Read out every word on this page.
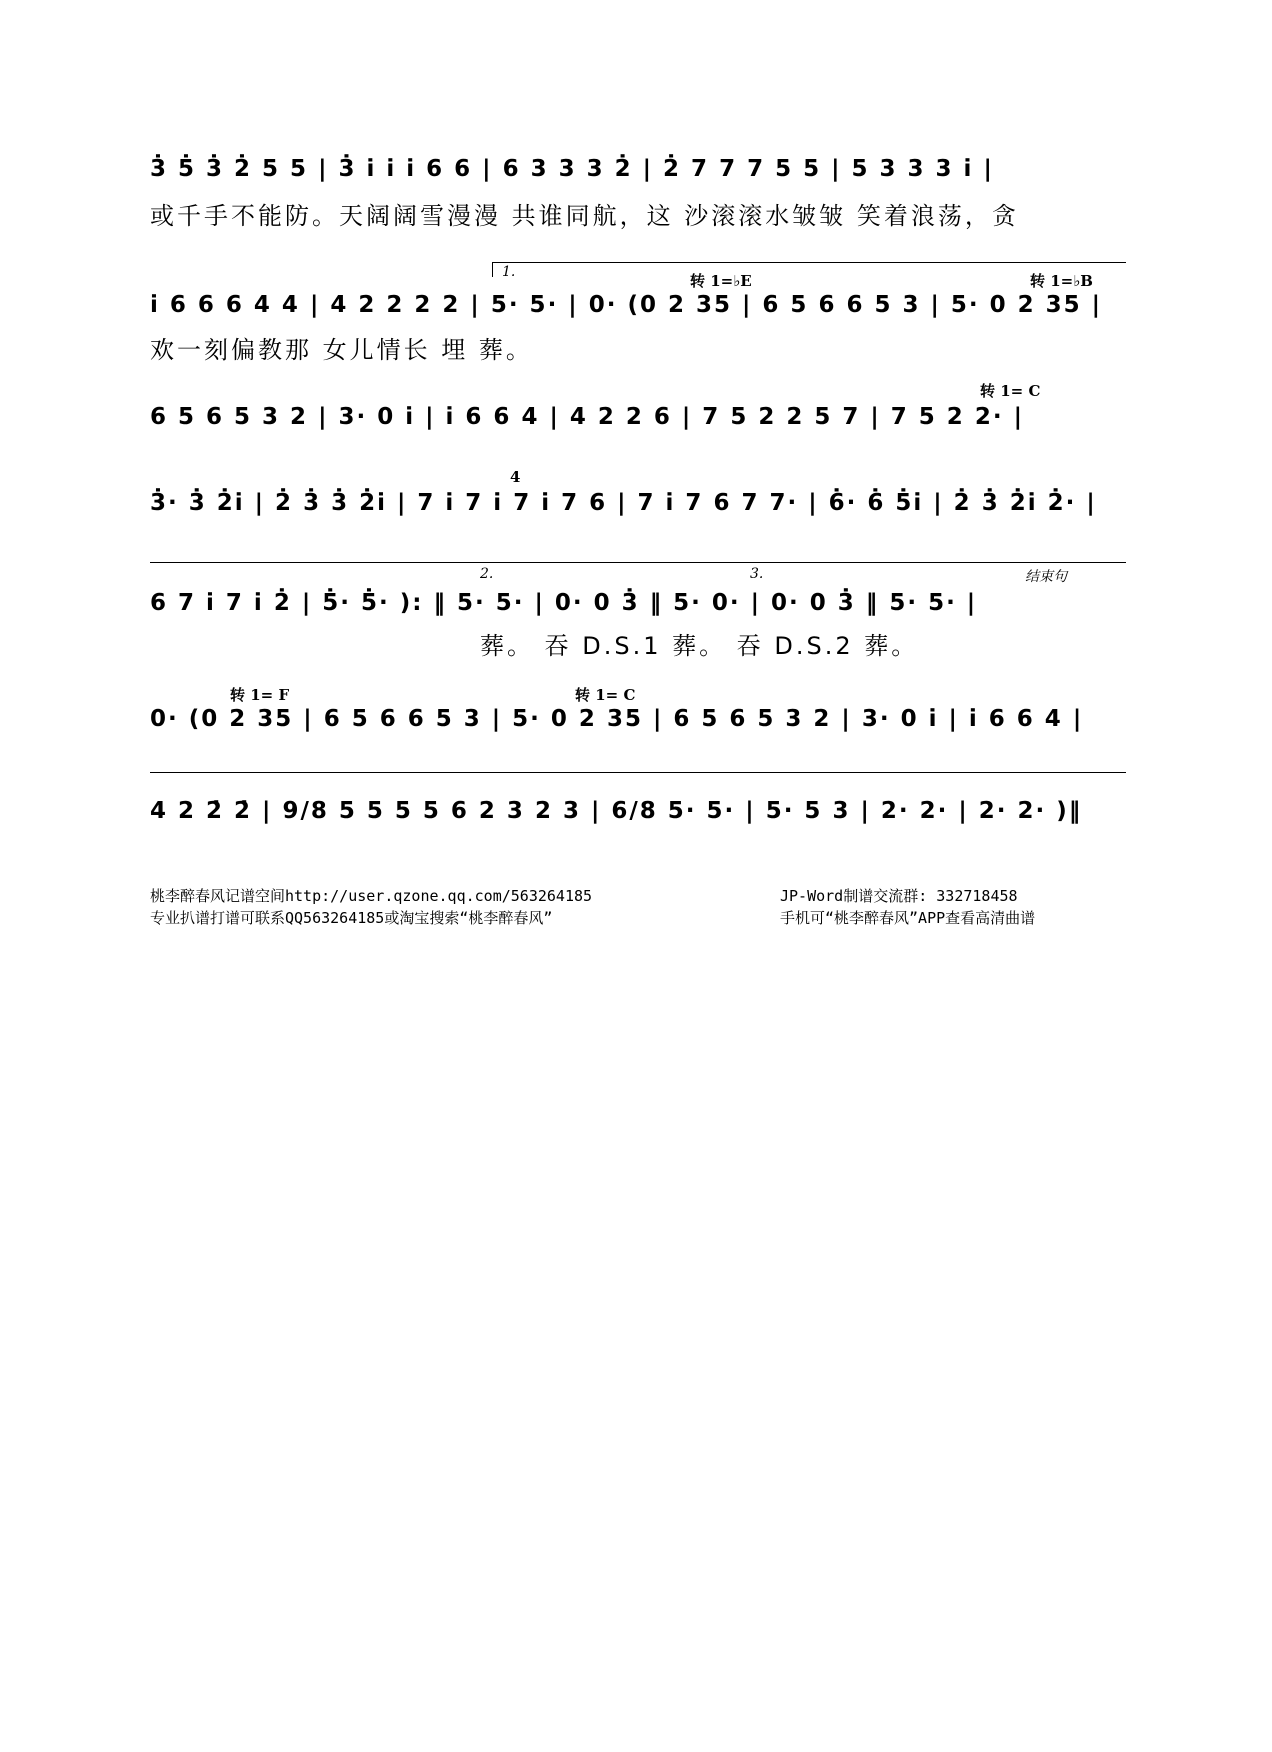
3̇ 5̇ 3̇ 2̇ 5 5 | 3̇ i̇ i̇ i̇ 6 6 | 6 3 3 3 2̇ | 2̇ 7 7 7 5 5 | 5 3 3 3 i̇ |
或千手不能防。天阔阔雪漫漫 共谁同航，这 沙滚滚水皱皱 笑着浪荡，贪
1.	转 1=♭E	转 1=♭B
i̇ 6 6 6 4 4 | 4 2 2 2 2 | 5· 5· | 0· (0 2 35 | 6 5 6 6 5 3 | 5· 0 2 35 |
欢一刻偏教那 女儿情长 埋 葬。
转 1= C
6 5 6 5 3 2 | 3· 0 i̇ | i̇ 6 6 4 | 4 2 2 6 | 7 5 2 2 5 7 | 7 5 2 2· |
4
3̇· 3̇ 2̇i̇ | 2̇ 3̇ 3̇ 2̇i̇ | 7 i̇ 7 i̇ 7 i̇ 7 6 | 7 i̇ 7 6 7 7· | 6̇· 6̇ 5̇i̇ | 2̇ 3̇ 2̇i̇ 2̇· |
2.	3.	结束句
6 7 i̇ 7 i̇ 2̇ | 5̇· 5̇· ): ‖ 5· 5· | 0· 0 3̇ ‖ 5· 0· | 0· 0 3̇ ‖ 5· 5· |
葬。 吞 D.S.1 葬。 吞 D.S.2 葬。
转 1= F	转 1= C
0· (0 2 35 | 6 5 6 6 5 3 | 5· 0 2 35 | 6 5 6 5 3 2 | 3· 0 i̇ | i̇ 6 6 4 |
4 2 2̇ 2̇ | 9/8 5 5 5 5 6 2 3 2 3 | 6/8 5· 5· | 5· 5 3 | 2· 2· | 2· 2· )‖
桃李醉春风记谱空间http://user.qzone.qq.com/563264185
专业扒谱打谱可联系QQ563264185或淘宝搜索“桃李醉春风”
JP-Word制谱交流群: 332718458
手机可“桃李醉春风”APP查看高清曲谱
